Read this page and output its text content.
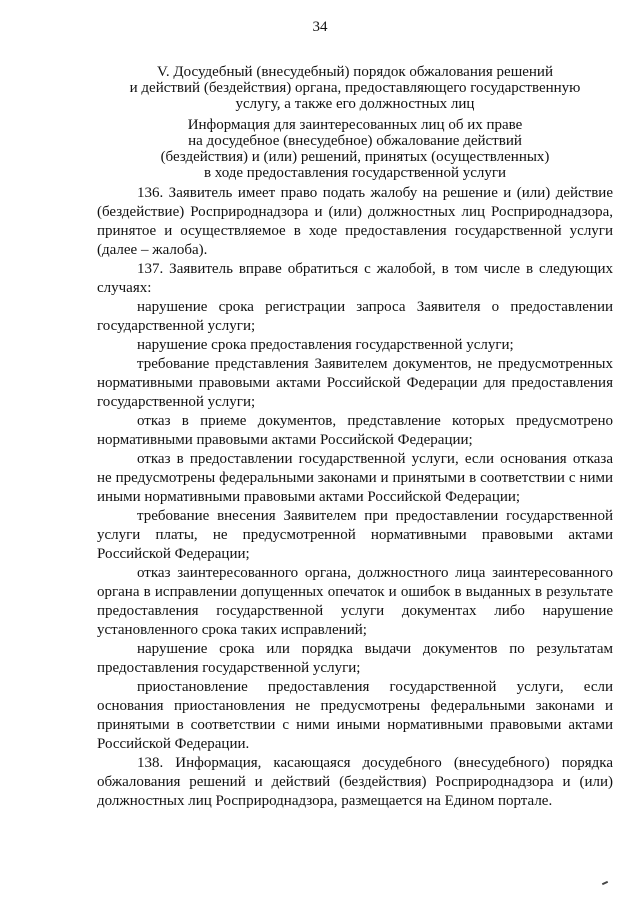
34
V. Досудебный (внесудебный) порядок обжалования решений
и действий (бездействия) органа, предоставляющего государственную
услугу, а также его должностных лиц
Информация для заинтересованных лиц об их праве
на досудебное (внесудебное) обжалование действий
(бездействия) и (или) решений, принятых (осуществленных)
в ходе предоставления государственной услуги

136. Заявитель имеет право подать жалобу на решение и (или) действие (бездействие) Росприроднадзора и (или) должностных лиц Росприроднадзора, принятое и осуществляемое в ходе предоставления государственной услуги (далее – жалоба).

137. Заявитель вправе обратиться с жалобой, в том числе в следующих случаях:

нарушение срока регистрации запроса Заявителя о предоставлении государственной услуги;

нарушение срока предоставления государственной услуги;

требование представления Заявителем документов, не предусмотренных нормативными правовыми актами Российской Федерации для предоставления государственной услуги;

отказ в приеме документов, представление которых предусмотрено нормативными правовыми актами Российской Федерации;

отказ в предоставлении государственной услуги, если основания отказа не предусмотрены федеральными законами и принятыми в соответствии с ними иными нормативными правовыми актами Российской Федерации;

требование внесения Заявителем при предоставлении государственной услуги платы, не предусмотренной нормативными правовыми актами Российской Федерации;

отказ заинтересованного органа, должностного лица заинтересованного органа в исправлении допущенных опечаток и ошибок в выданных в результате предоставления государственной услуги документах либо нарушение установленного срока таких исправлений;

нарушение срока или порядка выдачи документов по результатам предоставления государственной услуги;

приостановление предоставления государственной услуги, если основания приостановления не предусмотрены федеральными законами и принятыми в соответствии с ними иными нормативными правовыми актами Российской Федерации.

138. Информация, касающаяся досудебного (внесудебного) порядка обжалования решений и действий (бездействия) Росприроднадзора и (или) должностных лиц Росприроднадзора, размещается на Едином портале.
